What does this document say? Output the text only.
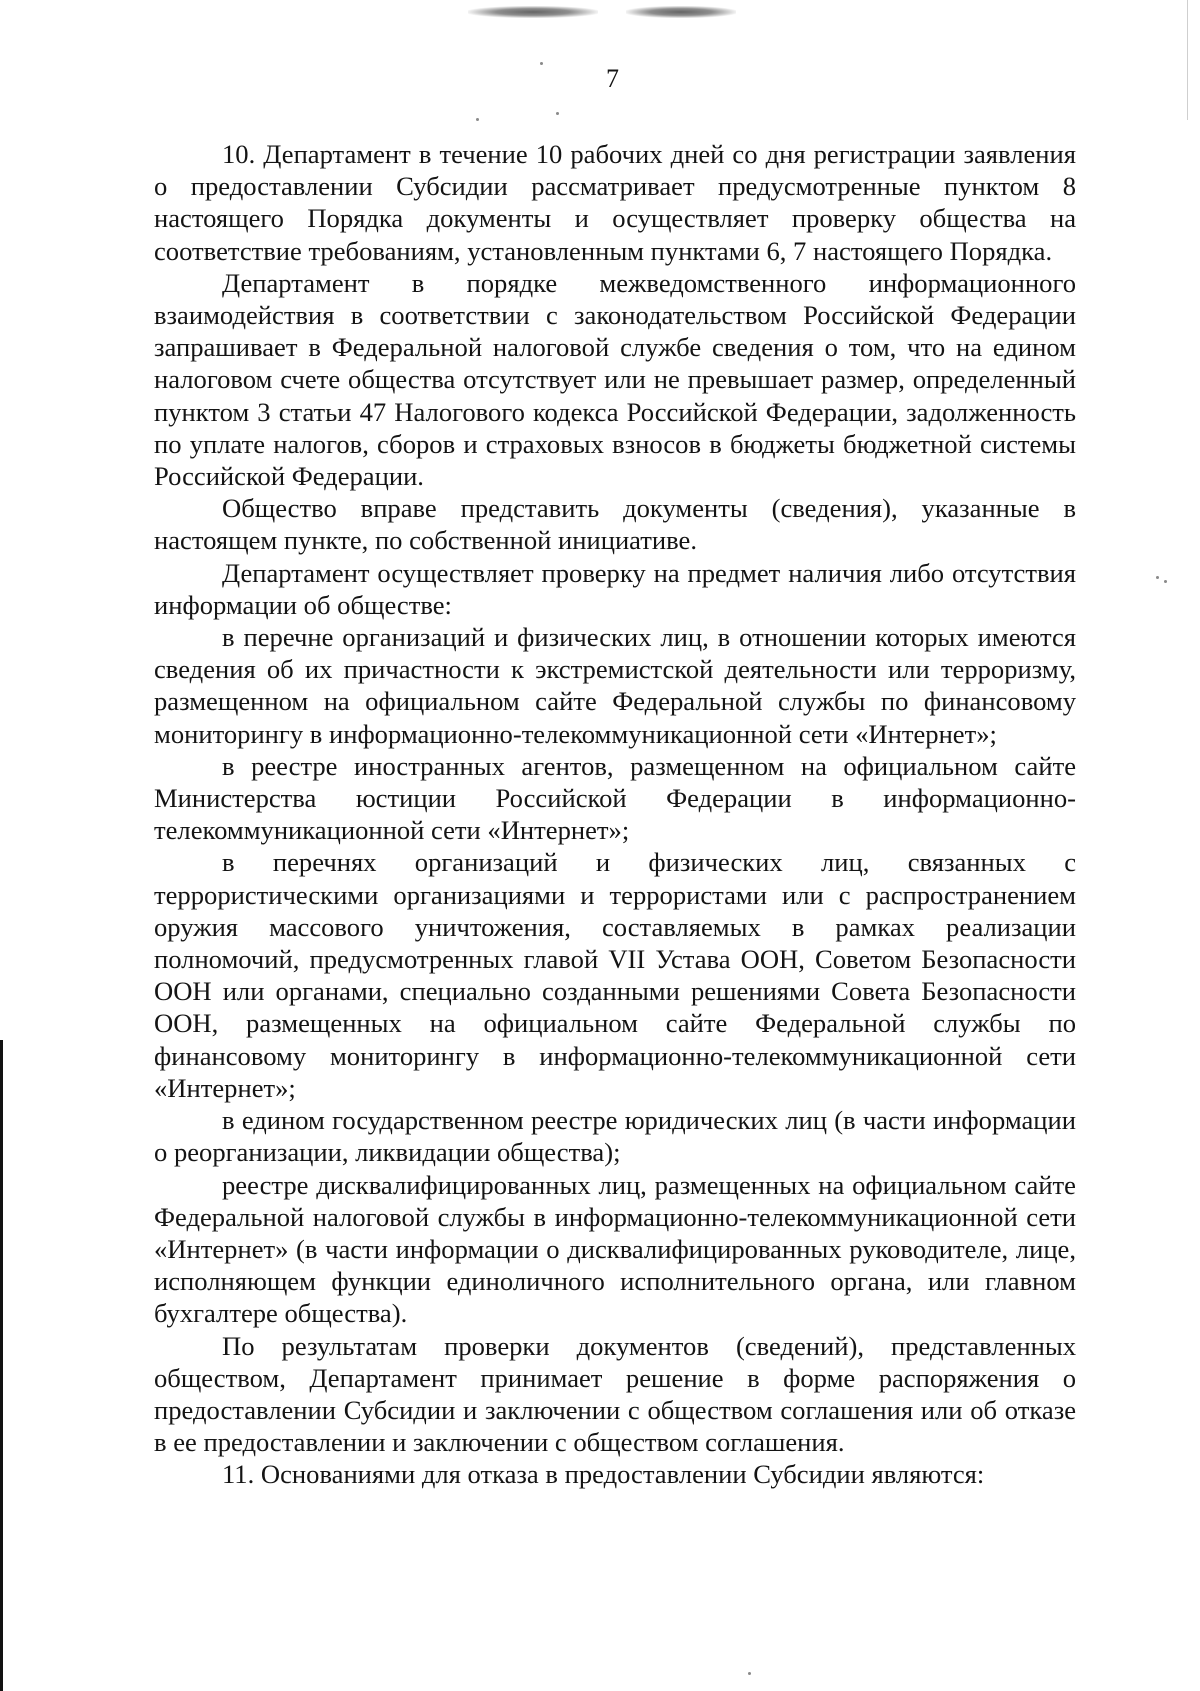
7

10. Департамент в течение 10 рабочих дней со дня регистрации заявления о предоставлении Субсидии рассматривает предусмотренные пунктом 8 настоящего Порядка документы и осуществляет проверку общества на соответствие требованиям, установленным пунктами 6, 7 настоящего Порядка.

Департамент в порядке межведомственного информационного взаимодействия в соответствии с законодательством Российской Федерации запрашивает в Федеральной налоговой службе сведения о том, что на едином налоговом счете общества отсутствует или не превышает размер, определенный пунктом 3 статьи 47 Налогового кодекса Российской Федерации, задолженность по уплате налогов, сборов и страховых взносов в бюджеты бюджетной системы Российской Федерации.

Общество вправе представить документы (сведения), указанные в настоящем пункте, по собственной инициативе.

Департамент осуществляет проверку на предмет наличия либо отсутствия информации об обществе:

в перечне организаций и физических лиц, в отношении которых имеются сведения об их причастности к экстремистской деятельности или терроризму, размещенном на официальном сайте Федеральной службы по финансовому мониторингу в информационно-телекоммуникационной сети «Интернет»;

в реестре иностранных агентов, размещенном на официальном сайте Министерства юстиции Российской Федерации в информационно-телекоммуникационной сети «Интернет»;

в перечнях организаций и физических лиц, связанных с террористическими организациями и террористами или с распространением оружия массового уничтожения, составляемых в рамках реализации полномочий, предусмотренных главой VII Устава ООН, Советом Безопасности ООН или органами, специально созданными решениями Совета Безопасности ООН, размещенных на официальном сайте Федеральной службы по финансовому мониторингу в информационно-телекоммуникационной сети «Интернет»;

в едином государственном реестре юридических лиц (в части информации о реорганизации, ликвидации общества);

реестре дисквалифицированных лиц, размещенных на официальном сайте Федеральной налоговой службы в информационно-телекоммуникационной сети «Интернет» (в части информации о дисквалифицированных руководителе, лице, исполняющем функции единоличного исполнительного органа, или главном бухгалтере общества).

По результатам проверки документов (сведений), представленных обществом, Департамент принимает решение в форме распоряжения о предоставлении Субсидии и заключении с обществом соглашения или об отказе в ее предоставлении и заключении с обществом соглашения.

11. Основаниями для отказа в предоставлении Субсидии являются:
